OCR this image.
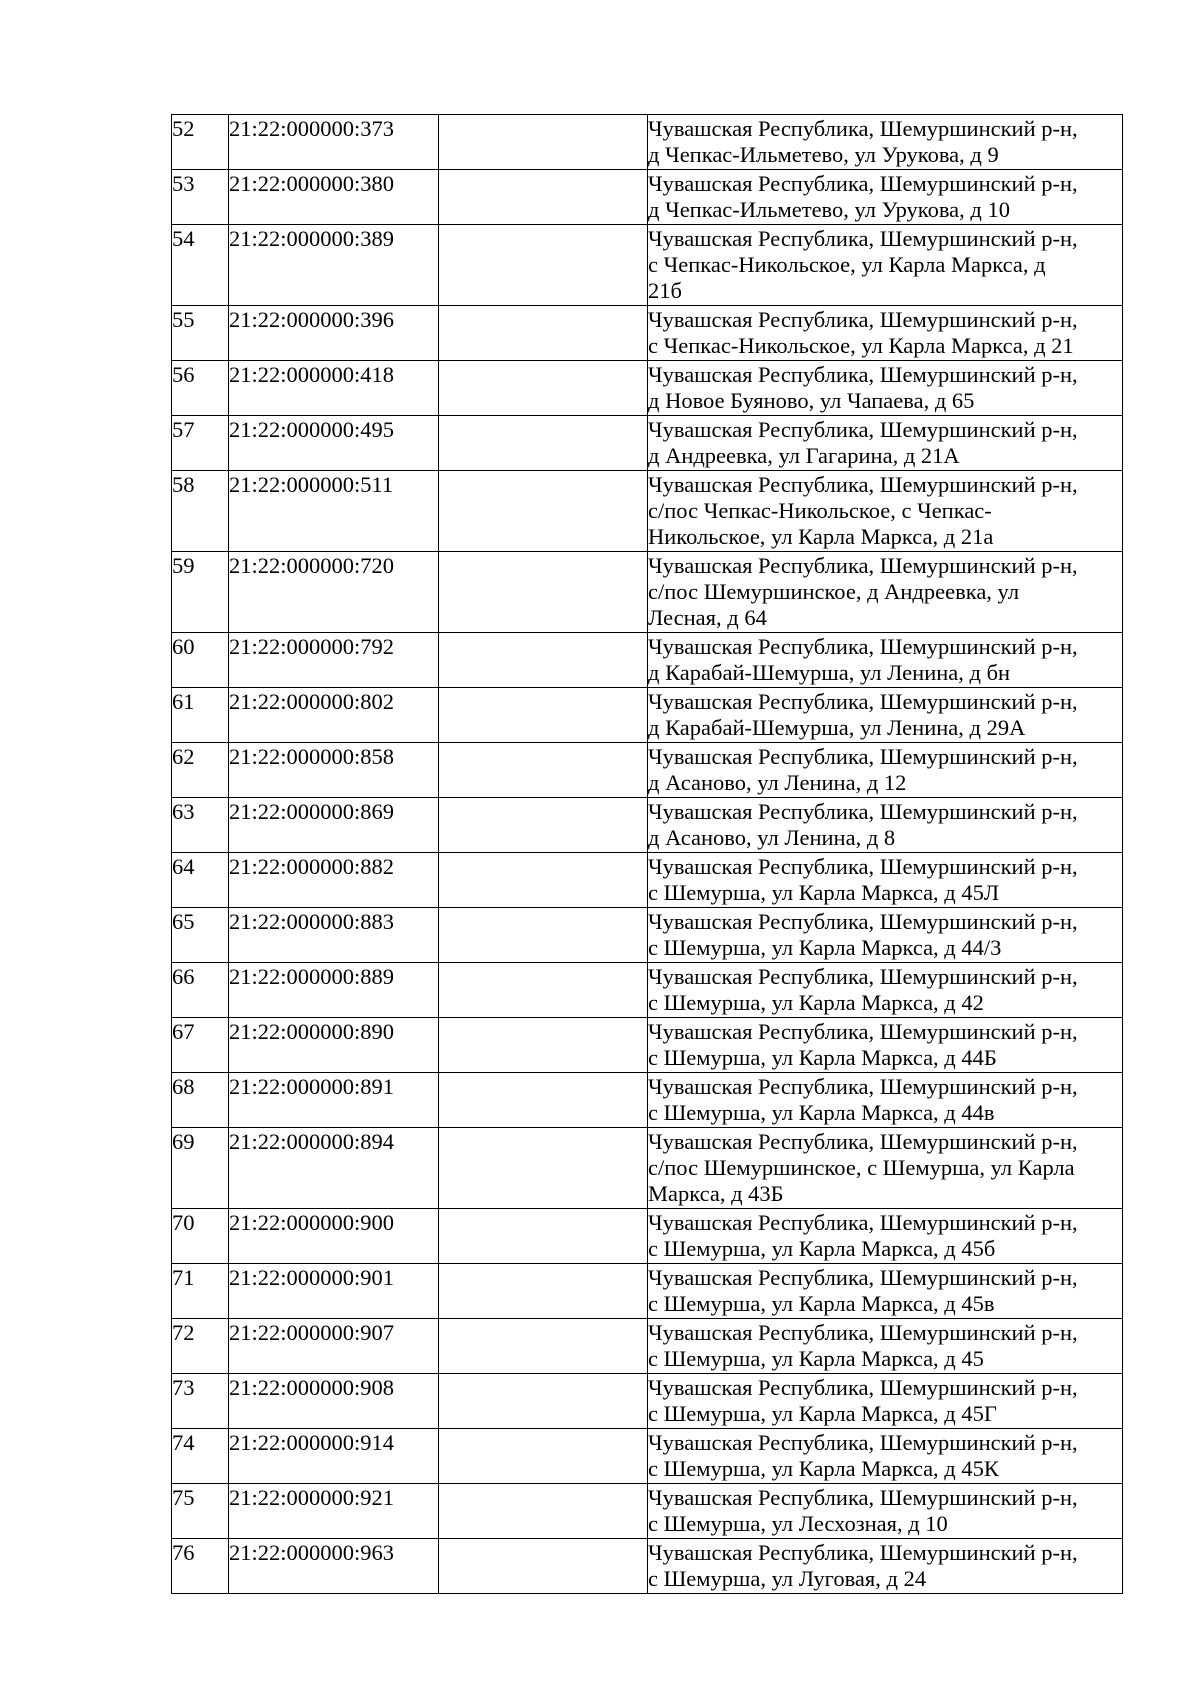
52	21:22:000000:373		Чувашская Республика, Шемуршинский р-н,
д Чепкас-Ильметево, ул Урукова, д 9

53	21:22:000000:380		Чувашская Республика, Шемуршинский р-н,
д Чепкас-Ильметево, ул Урукова, д 10

54	21:22:000000:389		Чувашская Республика, Шемуршинский р-н,
с Чепкас-Никольское, ул Карла Маркса, д
21б

55	21:22:000000:396		Чувашская Республика, Шемуршинский р-н,
с Чепкас-Никольское, ул Карла Маркса, д 21

56	21:22:000000:418		Чувашская Республика, Шемуршинский р-н,
д Новое Буяново, ул Чапаева, д 65

57	21:22:000000:495		Чувашская Республика, Шемуршинский р-н,
д Андреевка, ул Гагарина, д 21А

58	21:22:000000:511		Чувашская Республика, Шемуршинский р-н,
с/пос Чепкас-Никольское, с Чепкас-
Никольское, ул Карла Маркса, д 21а

59	21:22:000000:720		Чувашская Республика, Шемуршинский р-н,
с/пос Шемуршинское, д Андреевка, ул
Лесная, д 64

60	21:22:000000:792		Чувашская Республика, Шемуршинский р-н,
д Карабай-Шемурша, ул Ленина, д бн

61	21:22:000000:802		Чувашская Республика, Шемуршинский р-н,
д Карабай-Шемурша, ул Ленина, д 29А

62	21:22:000000:858		Чувашская Республика, Шемуршинский р-н,
д Асаново, ул Ленина, д 12

63	21:22:000000:869		Чувашская Республика, Шемуршинский р-н,
д Асаново, ул Ленина, д 8

64	21:22:000000:882		Чувашская Республика, Шемуршинский р-н,
с Шемурша, ул Карла Маркса, д 45Л

65	21:22:000000:883		Чувашская Республика, Шемуршинский р-н,
с Шемурша, ул Карла Маркса, д 44/3

66	21:22:000000:889		Чувашская Республика, Шемуршинский р-н,
с Шемурша, ул Карла Маркса, д 42

67	21:22:000000:890		Чувашская Республика, Шемуршинский р-н,
с Шемурша, ул Карла Маркса, д 44Б

68	21:22:000000:891		Чувашская Республика, Шемуршинский р-н,
с Шемурша, ул Карла Маркса, д 44в

69	21:22:000000:894		Чувашская Республика, Шемуршинский р-н,
с/пос Шемуршинское, с Шемурша, ул Карла
Маркса, д 43Б

70	21:22:000000:900		Чувашская Республика, Шемуршинский р-н,
с Шемурша, ул Карла Маркса, д 45б

71	21:22:000000:901		Чувашская Республика, Шемуршинский р-н,
с Шемурша, ул Карла Маркса, д 45в

72	21:22:000000:907		Чувашская Республика, Шемуршинский р-н,
с Шемурша, ул Карла Маркса, д 45

73	21:22:000000:908		Чувашская Республика, Шемуршинский р-н,
с Шемурша, ул Карла Маркса, д 45Г

74	21:22:000000:914		Чувашская Республика, Шемуршинский р-н,
с Шемурша, ул Карла Маркса, д 45К

75	21:22:000000:921		Чувашская Республика, Шемуршинский р-н,
с Шемурша, ул Лесхозная, д 10

76	21:22:000000:963		Чувашская Республика, Шемуршинский р-н,
с Шемурша, ул Луговая, д 24
